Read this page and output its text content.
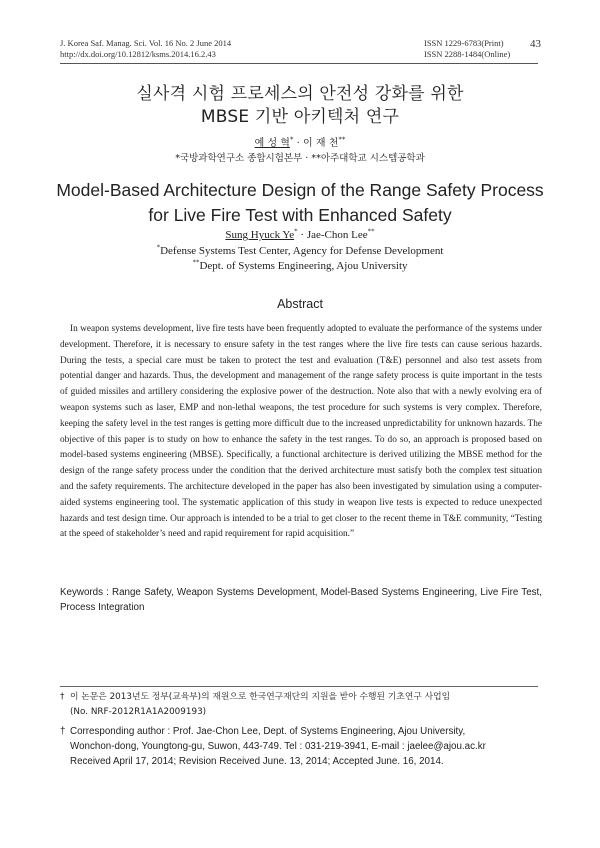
J. Korea Saf. Manag. Sci. Vol. 16 No. 2 June 2014
http://dx.doi.org/10.12812/ksms.2014.16.2.43
ISSN 1229-6783(Print)
ISSN 2288-1484(Online)
43
실사격 시험 프로세스의 안전성 강화를 위한
MBSE 기반 아키텍처 연구
예 성 혁* · 이 재 천**
*국방과학연구소 종합시험본부 · **아주대학교 시스템공학과
Model-Based Architecture Design of the Range Safety Process
for Live Fire Test with Enhanced Safety
Sung Hyuck Ye* · Jae-Chon Lee**
*Defense Systems Test Center, Agency for Defense Development
**Dept. of Systems Engineering, Ajou University
Abstract

In weapon systems development, live fire tests have been frequently adopted to evaluate the performance of the systems under development. Therefore, it is necessary to ensure safety in the test ranges where the live fire tests can cause serious hazards. During the tests, a special care must be taken to protect the test and evaluation (T&E) personnel and also test assets from potential danger and hazards. Thus, the development and management of the range safety process is quite important in the tests of guided missiles and artillery considering the explosive power of the destruction. Note also that with a newly evolving era of weapon systems such as laser, EMP and non-lethal weapons, the test procedure for such systems is very complex. Therefore, keeping the safety level in the test ranges is getting more difficult due to the increased unpredictability for unknown hazards. The objective of this paper is to study on how to enhance the safety in the test ranges. To do so, an approach is proposed based on model-based systems engineering (MBSE). Specifically, a functional architecture is derived utilizing the MBSE method for the design of the range safety process under the condition that the derived architecture must satisfy both the complex test situation and the safety requirements. The architecture developed in the paper has also been investigated by simulation using a computer-aided systems engineering tool. The systematic application of this study in weapon live tests is expected to reduce unexpected hazards and test design time. Our approach is intended to be a trial to get closer to the recent theme in T&E community, “Testing at the speed of stakeholder’s need and rapid requirement for rapid acquisition.”

Keywords : Range Safety, Weapon Systems Development, Model-Based Systems Engineering, Live Fire Test, Process Integration

† 이 논문은 2013년도 정부(교육부)의 재원으로 한국연구재단의 지원을 받아 수행된 기초연구 사업임
(No. NRF-2012R1A1A2009193)
† Corresponding author : Prof. Jae-Chon Lee, Dept. of Systems Engineering, Ajou University,
Wonchon-dong, Youngtong-gu, Suwon, 443-749. Tel : 031-219-3941, E-mail : jaelee@ajou.ac.kr
Received April 17, 2014; Revision Received June. 13, 2014; Accepted June. 16, 2014.
